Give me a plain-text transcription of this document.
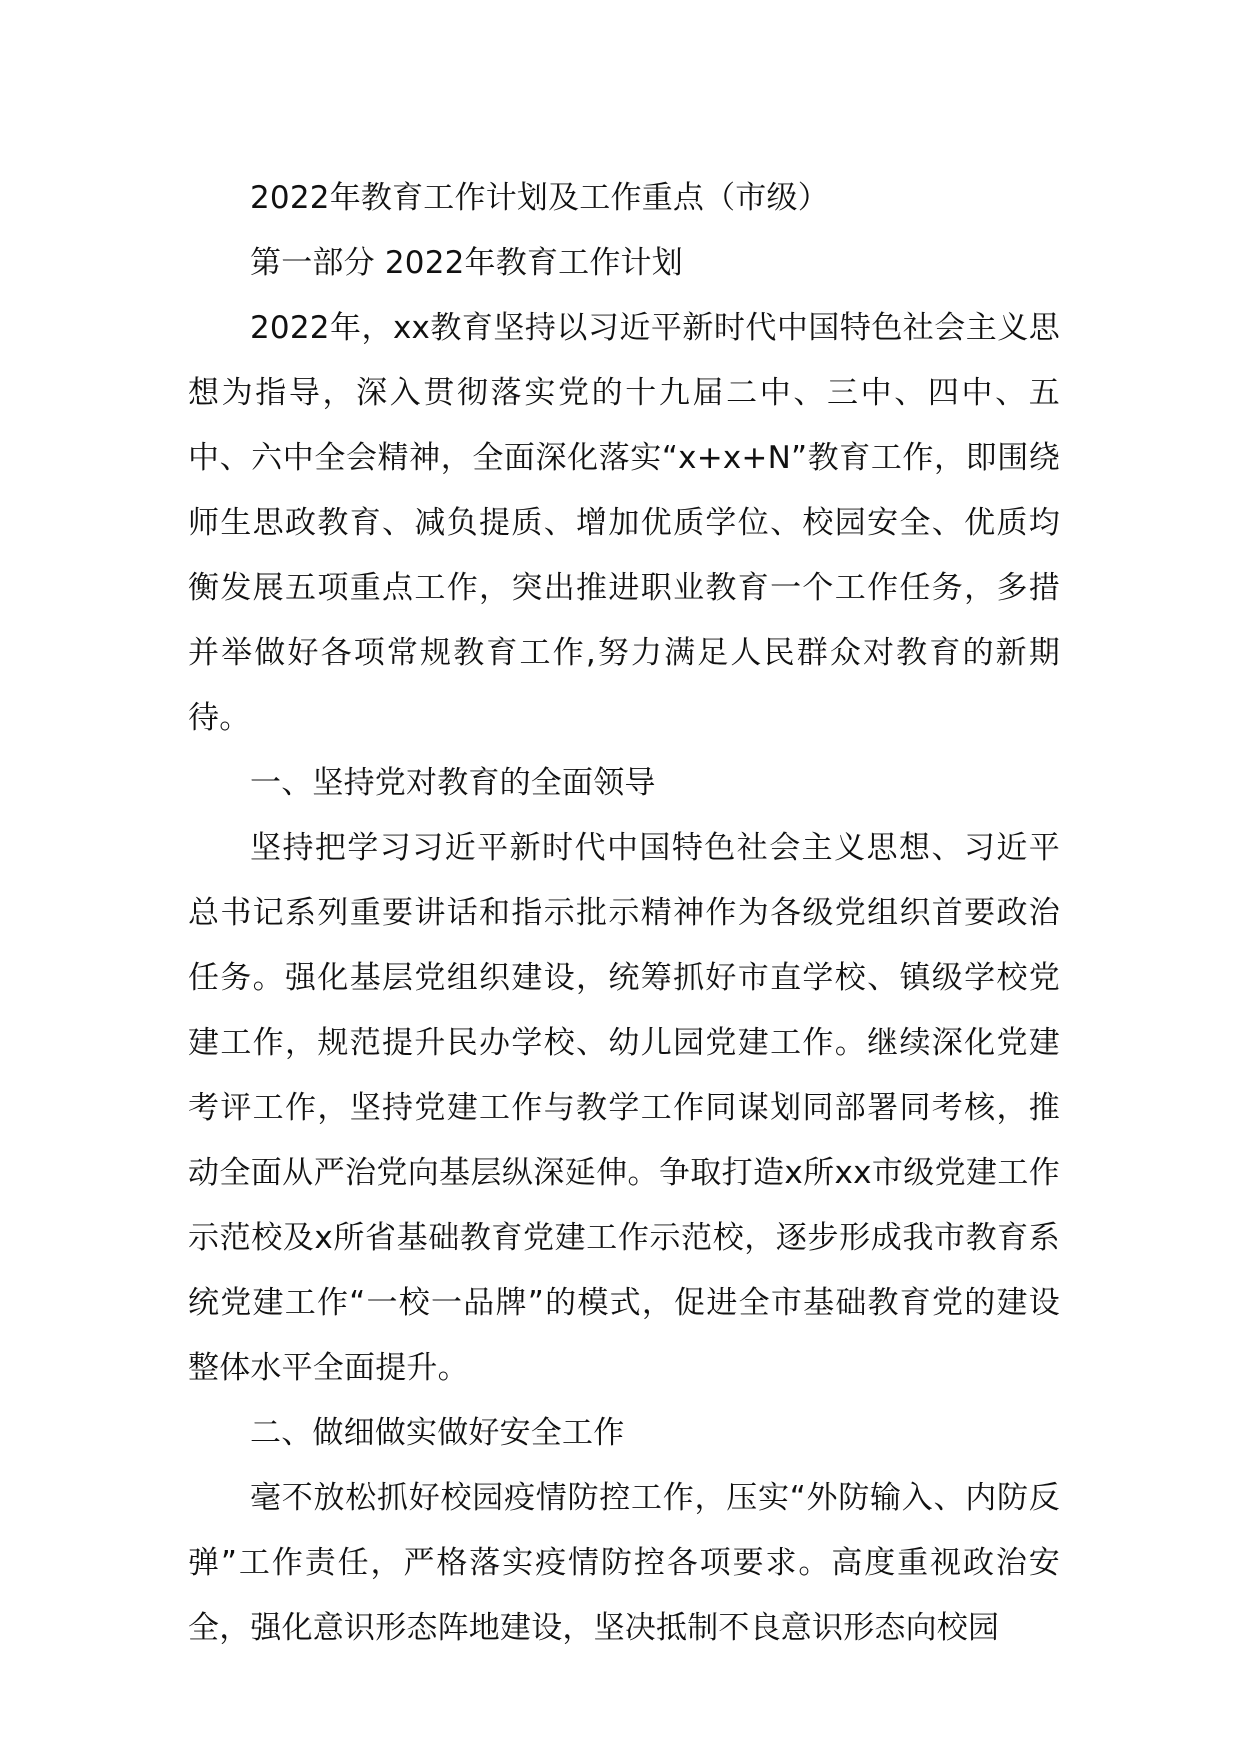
2022年教育工作计划及工作重点（市级）

第一部分 2022年教育工作计划

2022年，xx教育坚持以习近平新时代中国特色社会主义思想为指导，深入贯彻落实党的十九届二中、三中、四中、五中、六中全会精神，全面深化落实“x+x+N”教育工作，即围绕师生思政教育、减负提质、增加优质学位、校园安全、优质均衡发展五项重点工作，突出推进职业教育一个工作任务，多措并举做好各项常规教育工作,努力满足人民群众对教育的新期待。

一、坚持党对教育的全面领导

坚持把学习习近平新时代中国特色社会主义思想、习近平总书记系列重要讲话和指示批示精神作为各级党组织首要政治任务。强化基层党组织建设，统筹抓好市直学校、镇级学校党建工作，规范提升民办学校、幼儿园党建工作。继续深化党建考评工作，坚持党建工作与教学工作同谋划同部署同考核，推动全面从严治党向基层纵深延伸。争取打造x所xx市级党建工作示范校及x所省基础教育党建工作示范校，逐步形成我市教育系统党建工作“一校一品牌”的模式，促进全市基础教育党的建设整体水平全面提升。

二、做细做实做好安全工作

毫不放松抓好校园疫情防控工作，压实“外防输入、内防反弹”工作责任，严格落实疫情防控各项要求。高度重视政治安全，强化意识形态阵地建设，坚决抵制不良意识形态向校园
